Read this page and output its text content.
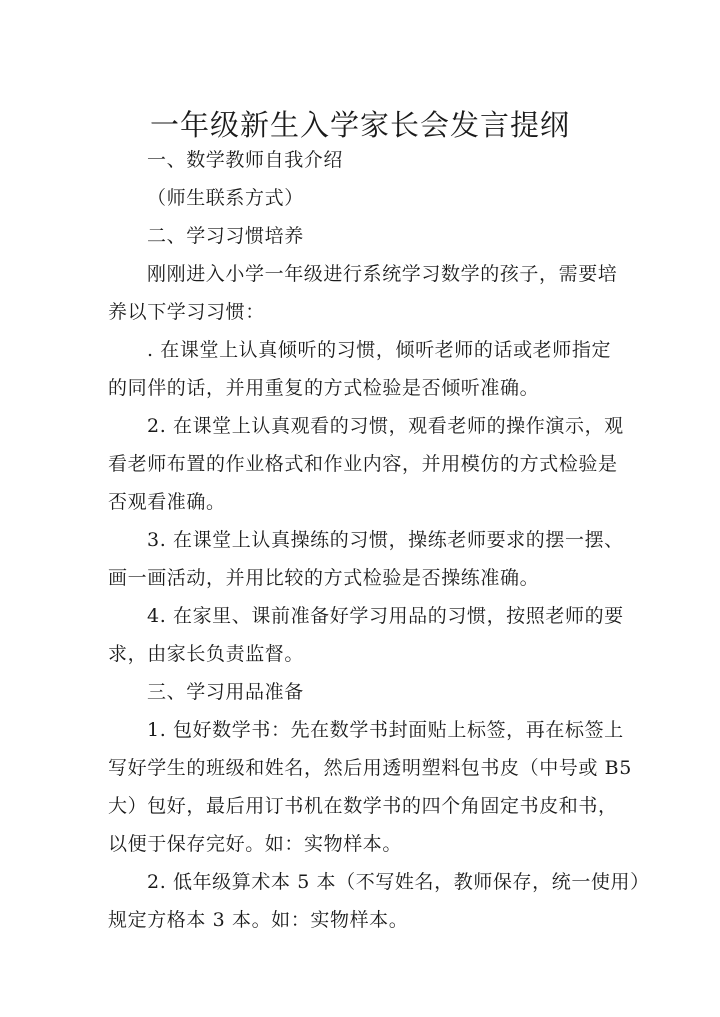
一年级新生入学家长会发言提纲
一、数学教师自我介绍
（师生联系方式）
二、学习习惯培养
刚刚进入小学一年级进行系统学习数学的孩子，需要培
养以下学习习惯：
. 在课堂上认真倾听的习惯，倾听老师的话或老师指定
的同伴的话，并用重复的方式检验是否倾听准确。
2. 在课堂上认真观看的习惯，观看老师的操作演示，观
看老师布置的作业格式和作业内容，并用模仿的方式检验是
否观看准确。
3. 在课堂上认真操练的习惯，操练老师要求的摆一摆、
画一画活动，并用比较的方式检验是否操练准确。
4. 在家里、课前准备好学习用品的习惯，按照老师的要
求，由家长负责监督。
三、学习用品准备
1. 包好数学书：先在数学书封面贴上标签，再在标签上
写好学生的班级和姓名，然后用透明塑料包书皮（中号或 B5
大）包好，最后用订书机在数学书的四个角固定书皮和书，
以便于保存完好。如：实物样本。
2. 低年级算术本 5 本（不写姓名，教师保存，统一使用）
规定方格本 3 本。如：实物样本。
